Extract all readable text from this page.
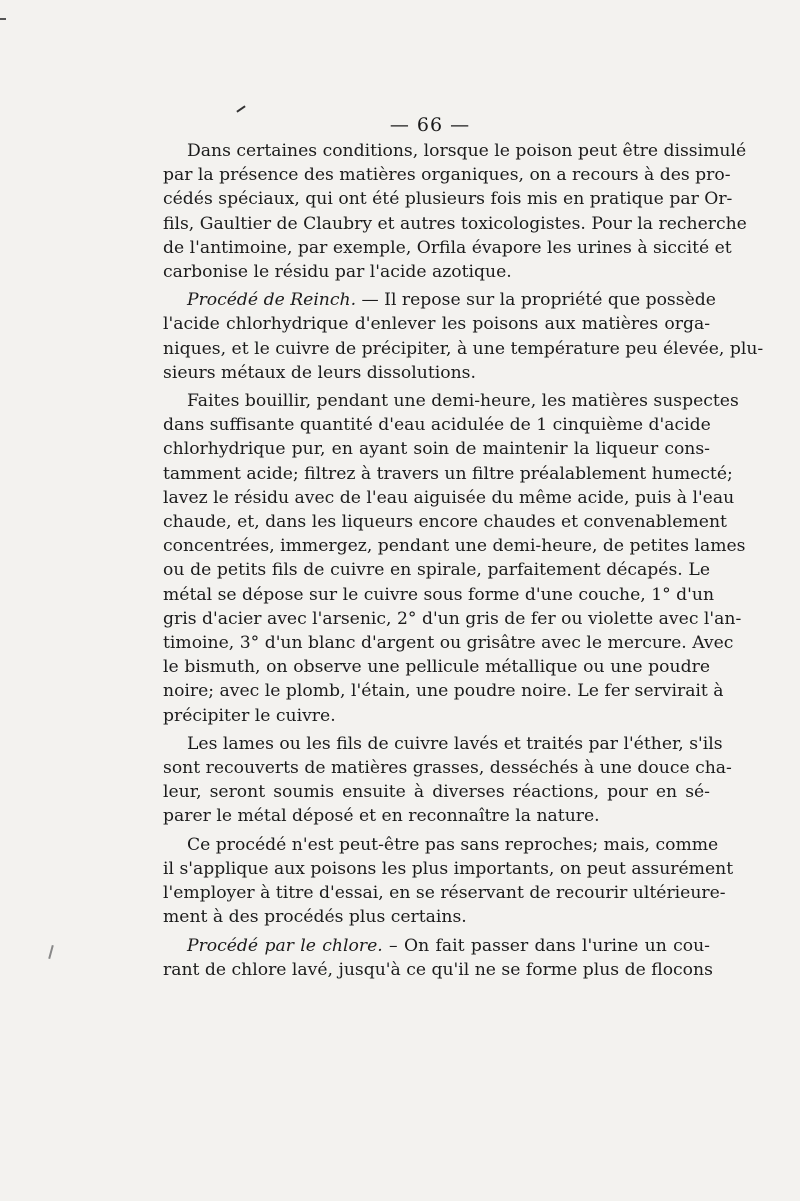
— 66 —
Dans certaines conditions, lorsque le poison peut être dissimulé
par la présence des matières organiques, on a recours à des pro-
cédés spéciaux, qui ont été plusieurs fois mis en pratique par Or-
fils, Gaultier de Claubry et autres toxicologistes. Pour la recherche
de l'antimoine, par exemple, Orfila évapore les urines à siccité et
carbonise le résidu par l'acide azotique.
Procédé de Reinch. — Il repose sur la propriété que possède
l'acide chlorhydrique d'enlever les poisons aux matières orga-
niques, et le cuivre de précipiter, à une température peu élevée, plu-
sieurs métaux de leurs dissolutions.
Faites bouillir, pendant une demi-heure, les matières suspectes
dans suffisante quantité d'eau acidulée de 1 cinquième d'acide
chlorhydrique pur, en ayant soin de maintenir la liqueur cons-
tamment acide; filtrez à travers un filtre préalablement humecté;
lavez le résidu avec de l'eau aiguisée du même acide, puis à l'eau
chaude, et, dans les liqueurs encore chaudes et convenablement
concentrées, immergez, pendant une demi-heure, de petites lames
ou de petits fils de cuivre en spirale, parfaitement décapés. Le
métal se dépose sur le cuivre sous forme d'une couche, 1° d'un
gris d'acier avec l'arsenic, 2° d'un gris de fer ou violette avec l'an-
timoine, 3° d'un blanc d'argent ou grisâtre avec le mercure. Avec
le bismuth, on observe une pellicule métallique ou une poudre
noire; avec le plomb, l'étain, une poudre noire. Le fer servirait à
précipiter le cuivre.
Les lames ou les fils de cuivre lavés et traités par l'éther, s'ils
sont recouverts de matières grasses, desséchés à une douce cha-
leur, seront soumis ensuite à diverses réactions, pour en sé-
parer le métal déposé et en reconnaître la nature.
Ce procédé n'est peut-être pas sans reproches; mais, comme
il s'applique aux poisons les plus importants, on peut assurément
l'employer à titre d'essai, en se réservant de recourir ultérieure-
ment à des procédés plus certains.
Procédé par le chlore. – On fait passer dans l'urine un cou-
rant de chlore lavé, jusqu'à ce qu'il ne se forme plus de flocons
